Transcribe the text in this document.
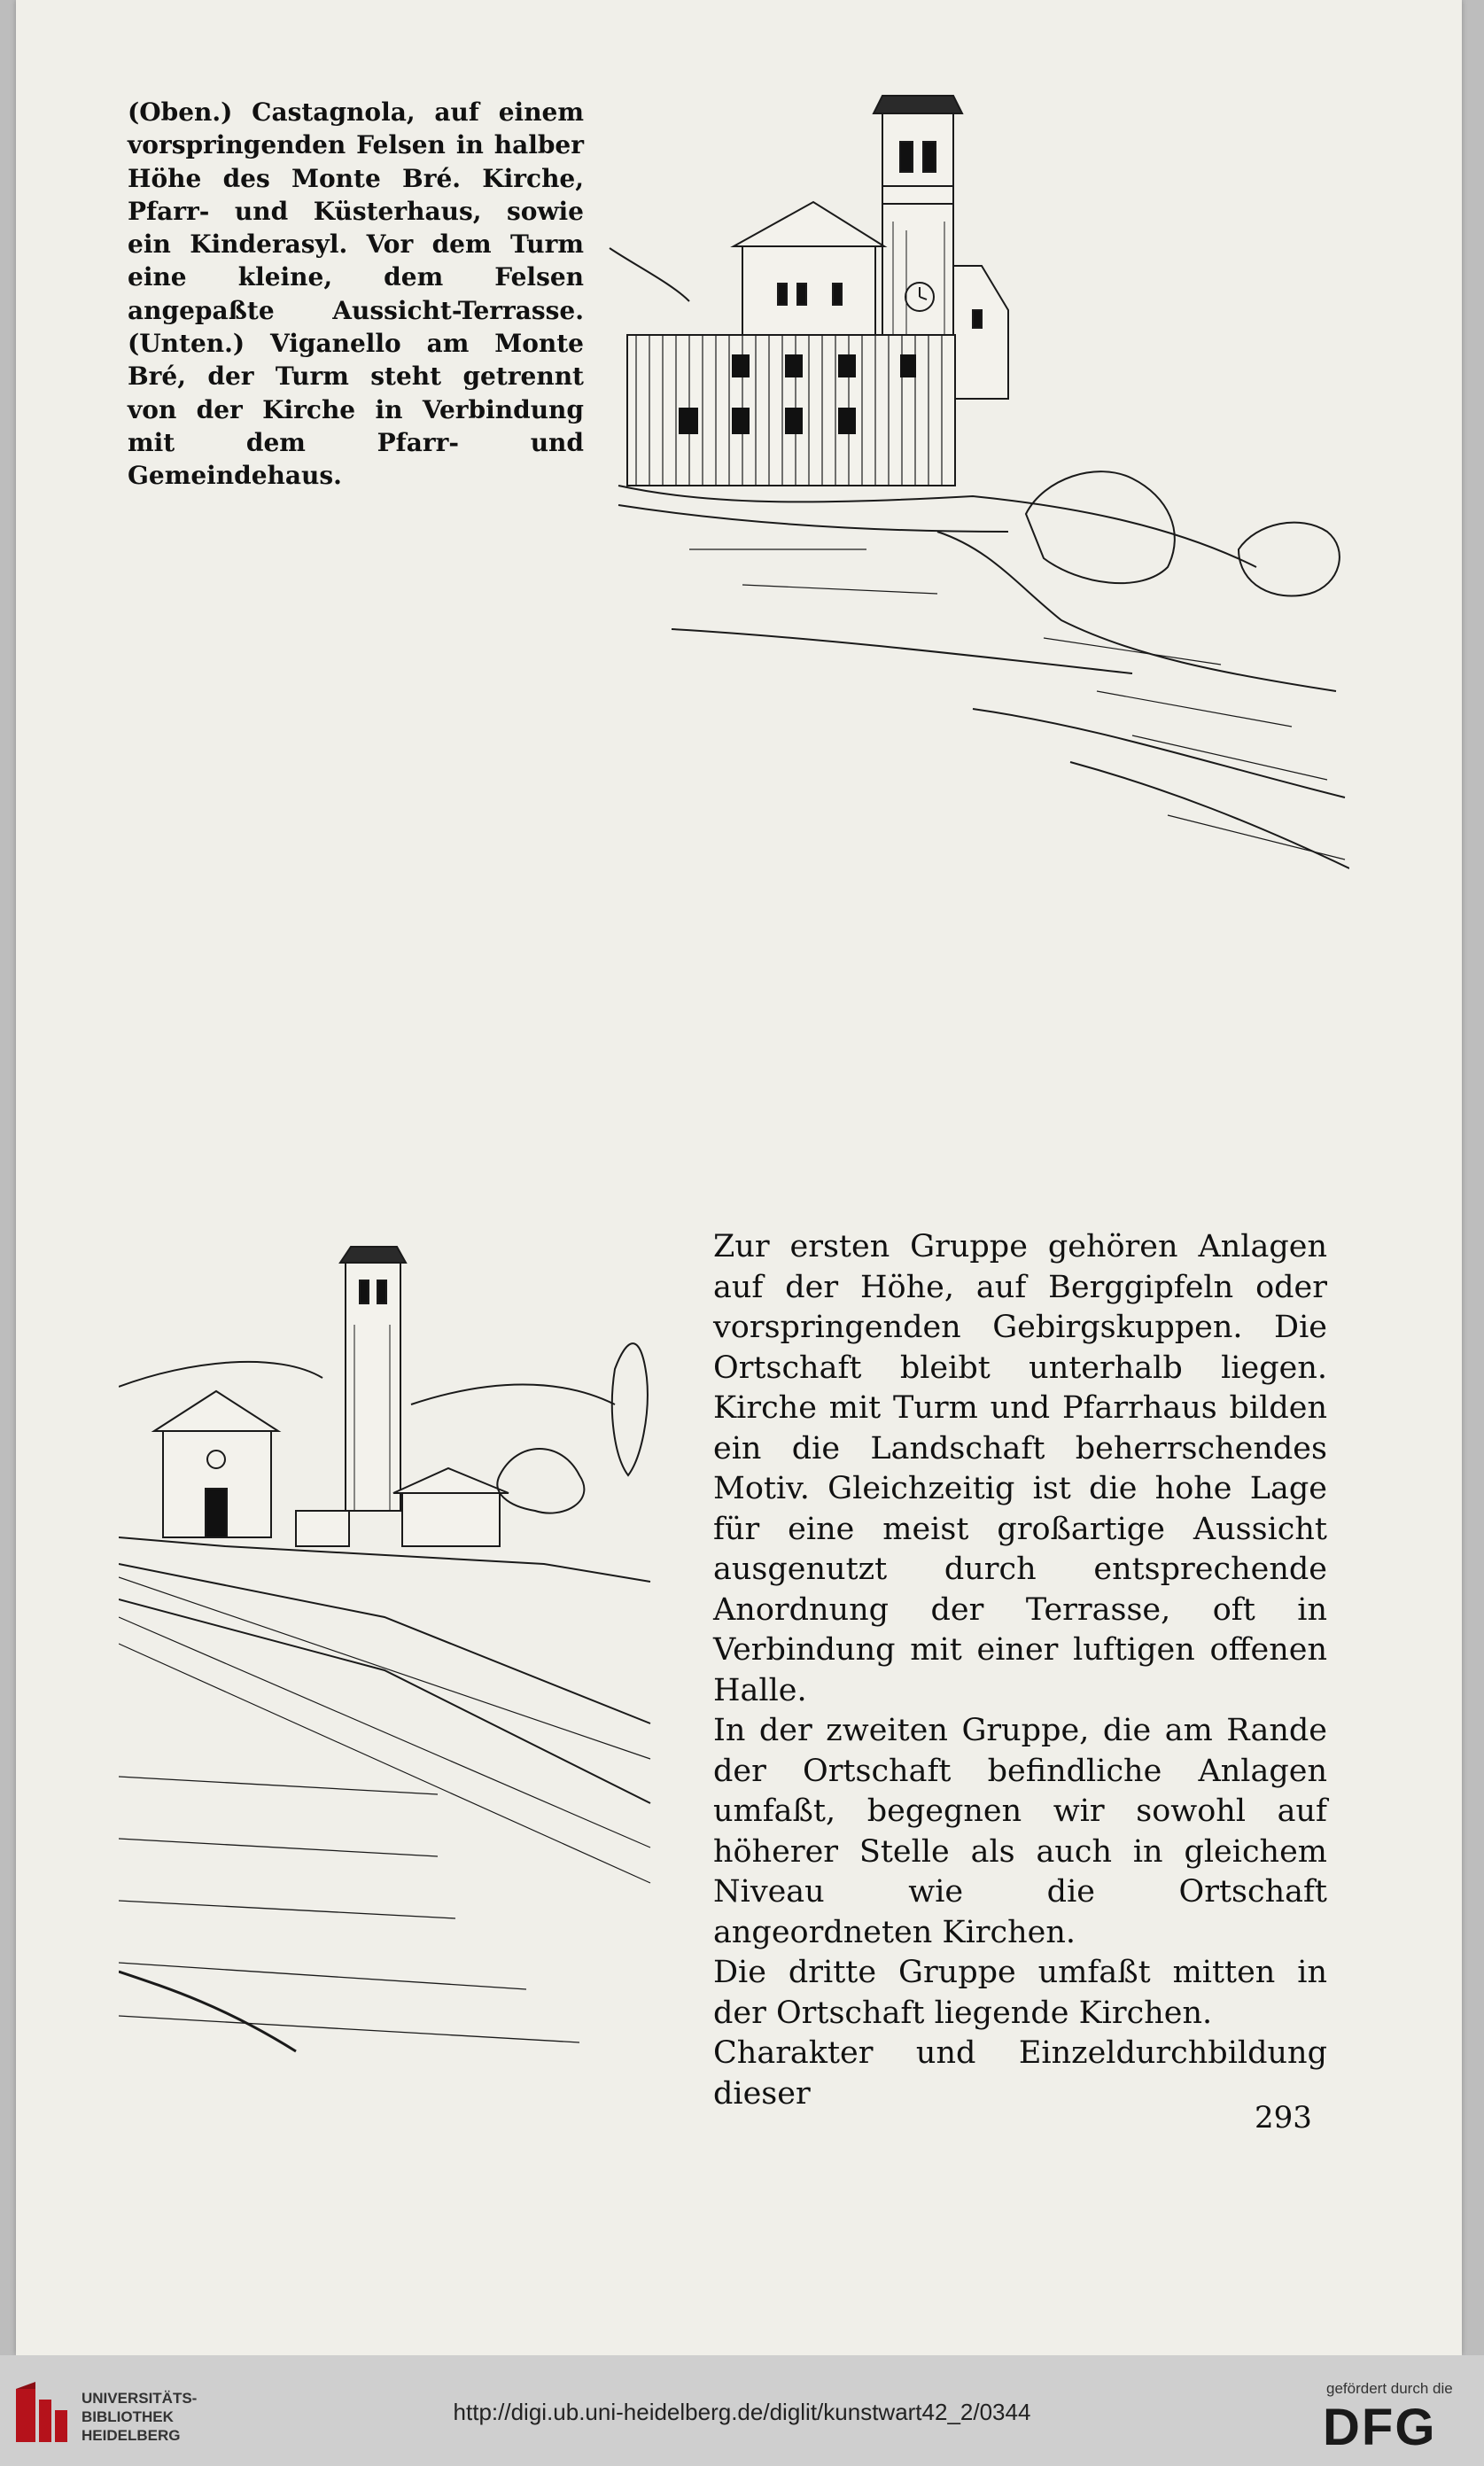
(Oben.) Castagnola, auf einem vorspringenden Felsen in halber Höhe des Monte Bré. Kirche, Pfarr- und Küsterhaus, sowie ein Kinderasyl. Vor dem Turm eine kleine, dem Felsen angepaßte Aussicht-Terrasse. (Unten.) Viganello am Monte Bré, der Turm steht getrennt von der Kirche in Verbindung mit dem Pfarr- und Gemeindehaus.

Zur ersten Gruppe gehören Anlagen auf der Höhe, auf Berggipfeln oder vorspringenden Gebirgskuppen. Die Ortschaft bleibt unterhalb liegen. Kirche mit Turm und Pfarrhaus bilden ein die Landschaft beherrschendes Motiv. Gleichzeitig ist die hohe Lage für eine meist großartige Aussicht ausgenutzt durch entsprechende Anordnung der Terrasse, oft in Verbindung mit einer luftigen offenen Halle.

In der zweiten Gruppe, die am Rande der Ortschaft befindliche Anlagen umfaßt, begegnen wir sowohl auf höherer Stelle als auch in gleichem Niveau wie die Ortschaft angeordneten Kirchen.

Die dritte Gruppe umfaßt mitten in der Ortschaft liegende Kirchen.

Charakter und Einzeldurchbildung dieser

293
UNIVERSITÄTS-
BIBLIOTHEK
HEIDELBERG
http://digi.ub.uni-heidelberg.de/diglit/kunstwart42_2/0344
gefördert durch die
DFG
